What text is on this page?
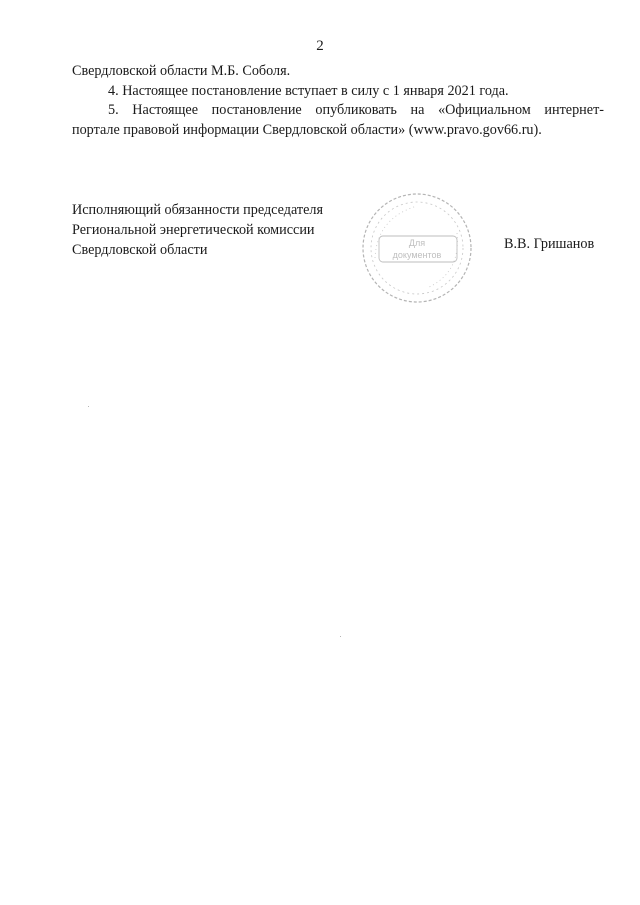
2

Свердловской области М.Б. Соболя.

4. Настоящее постановление вступает в силу с 1 января 2021 года.

5. Настоящее постановление опубликовать на «Официальном интернет-

портале правовой информации Свердловской области» (www.pravo.gov66.ru).

Исполняющий обязанности председателя
Региональной энергетической комиссии
Свердловской области	Для
документов
В.В. Гришанов
